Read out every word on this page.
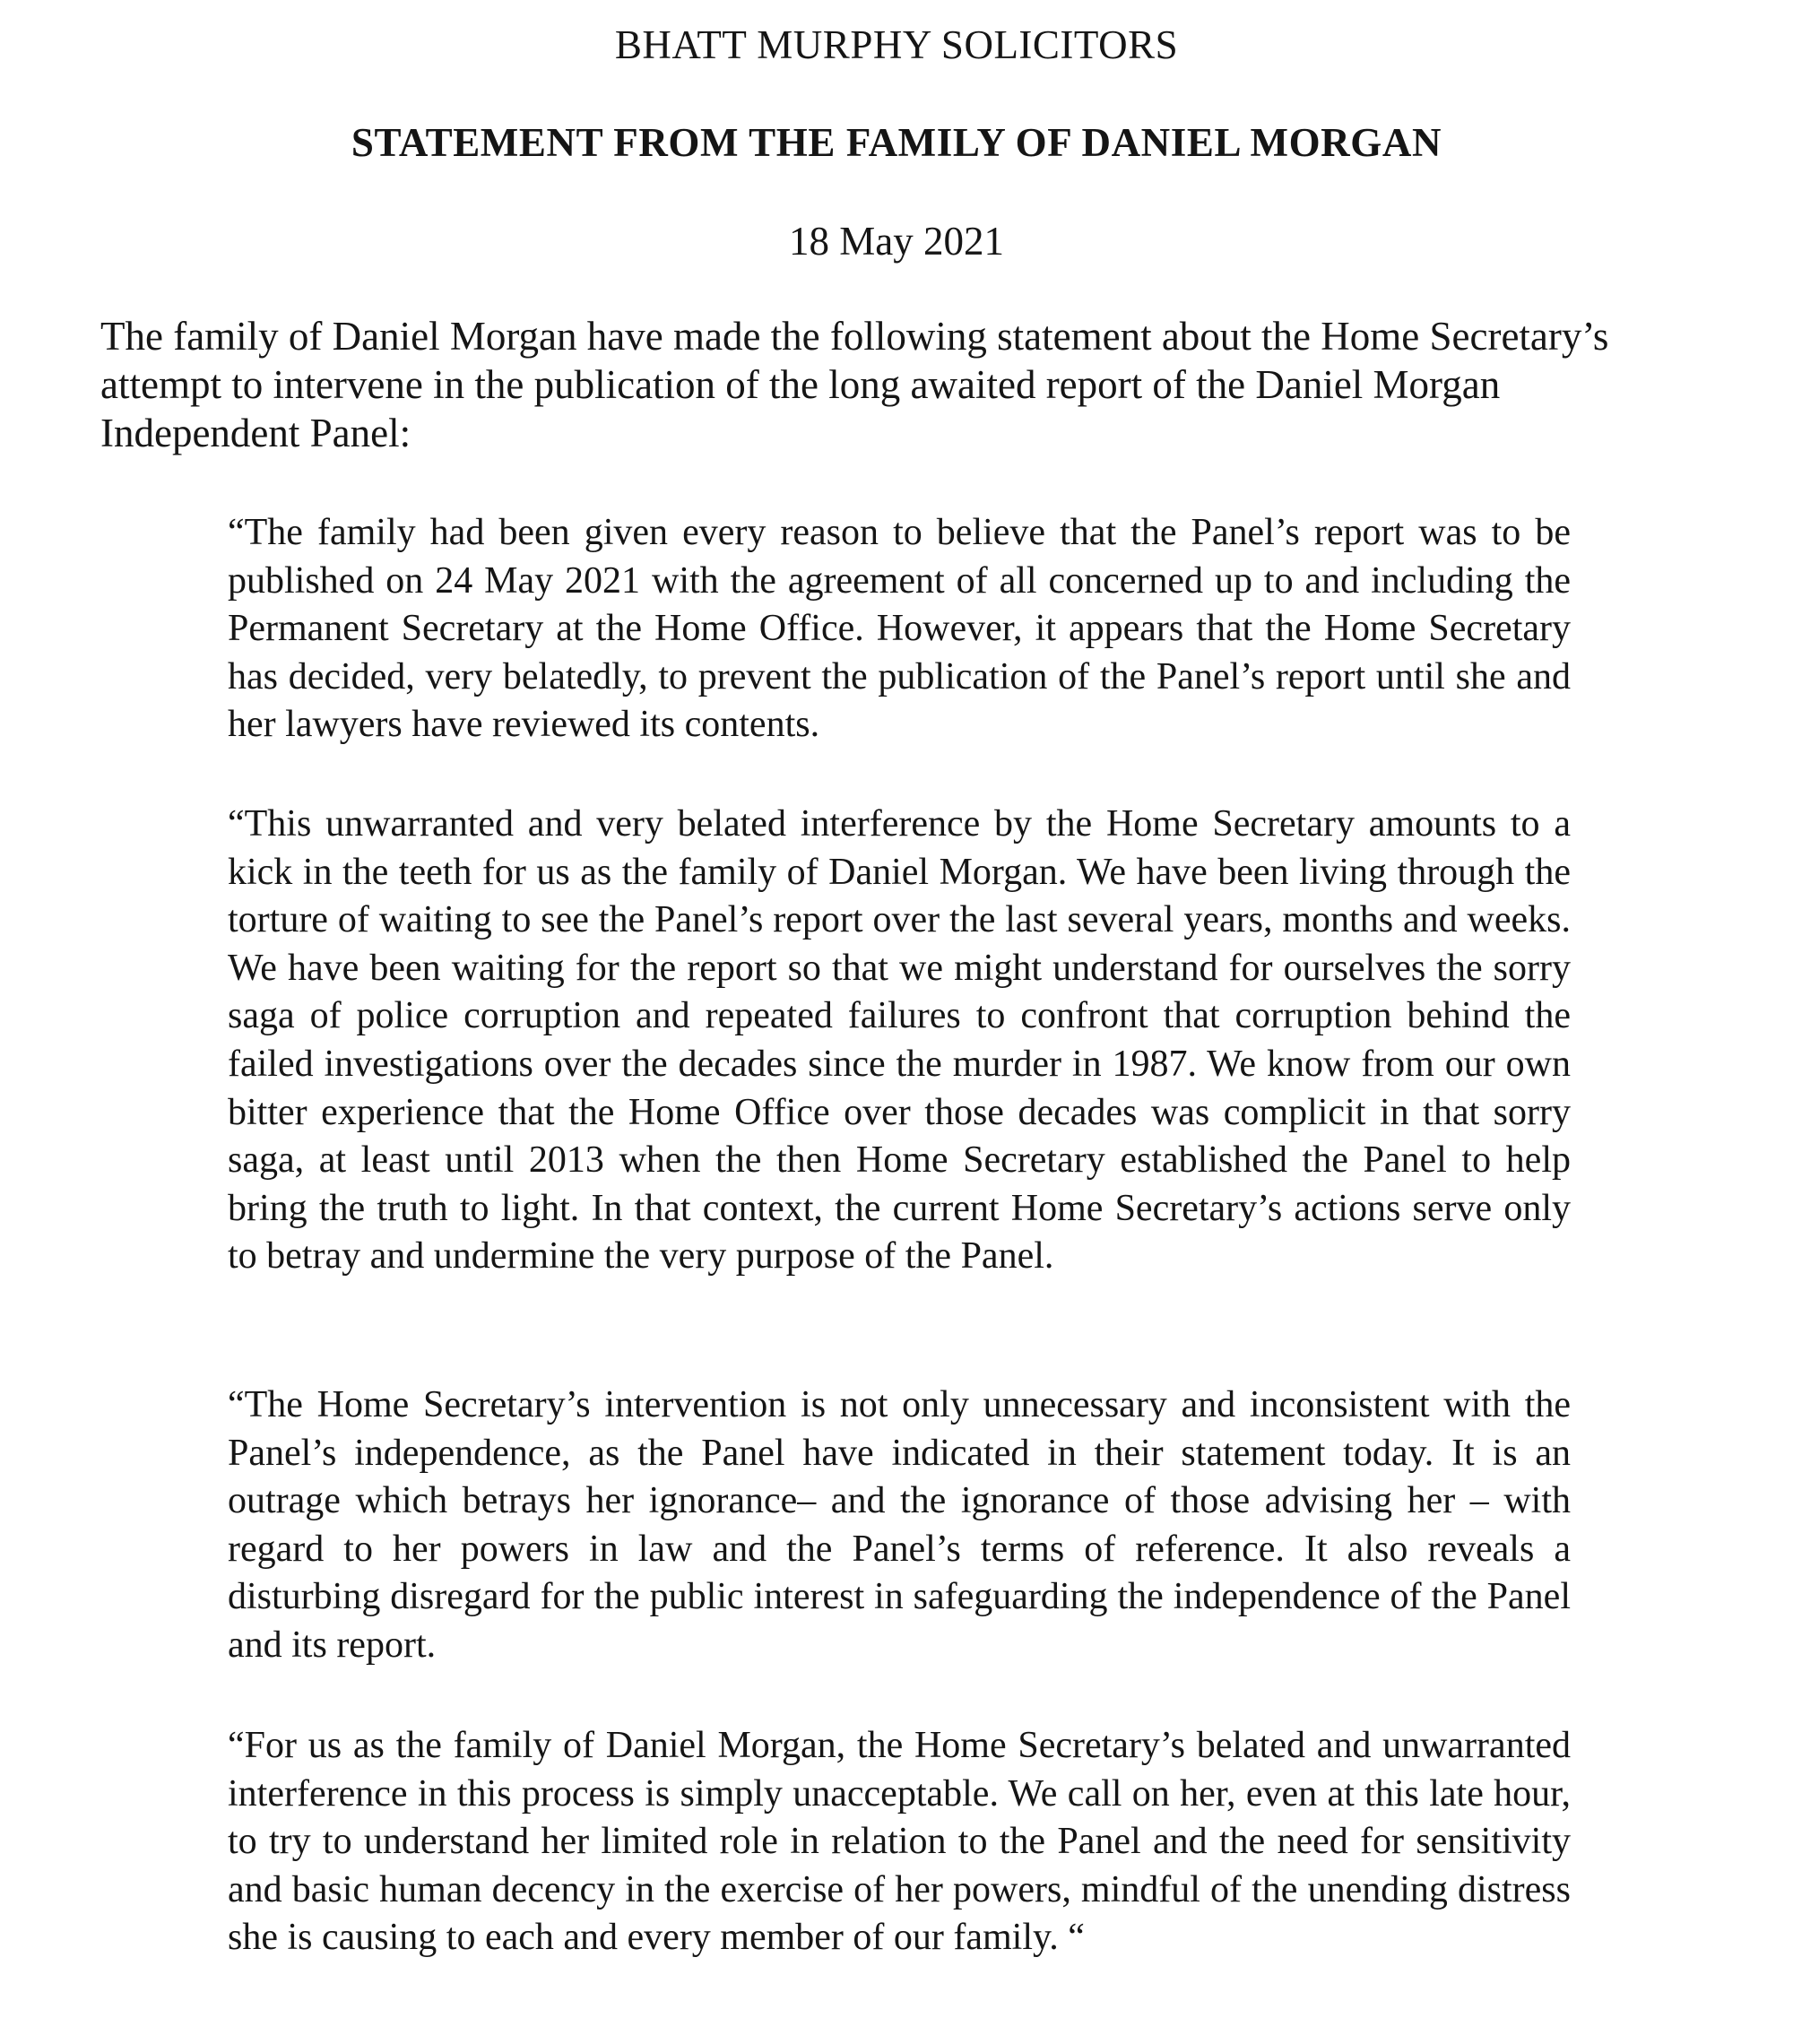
BHATT MURPHY SOLICITORS
STATEMENT FROM THE FAMILY OF DANIEL MORGAN
18 May 2021
The family of Daniel Morgan have made the following statement about the Home Secretary’s attempt to intervene in the publication of the long awaited report of the Daniel Morgan Independent Panel:
“The family had been given every reason to believe that the Panel’s report was to be published on 24 May 2021 with the agreement of all concerned up to and including the Permanent Secretary at the Home Office. However, it appears that the Home Secretary has decided, very belatedly, to prevent the publication of the Panel’s report until she and her lawyers have reviewed its contents.
“This unwarranted and very belated interference by the Home Secretary amounts to a kick in the teeth for us as the family of Daniel Morgan. We have been living through the torture of waiting to see the Panel’s report over the last several years, months and weeks. We have been waiting for the report so that we might understand for ourselves the sorry saga of police corruption and repeated failures to confront that corruption behind the failed investigations over the decades since the murder in 1987. We know from our own bitter experience that the Home Office over those decades was complicit in that sorry saga, at least until 2013 when the then Home Secretary established the Panel to help bring the truth to light. In that context, the current Home Secretary’s actions serve only to betray and undermine the very purpose of the Panel.
“The Home Secretary’s intervention is not only unnecessary and inconsistent with the Panel’s independence, as the Panel have indicated in their statement today. It is an outrage which betrays her ignorance– and the ignorance of those advising her – with regard to her powers in law and the Panel’s terms of reference. It also reveals a disturbing disregard for the public interest in safeguarding the independence of the Panel and its report.
“For us as the family of Daniel Morgan, the Home Secretary’s belated and unwarranted interference in this process is simply unacceptable. We call on her, even at this late hour, to try to understand her limited role in relation to the Panel and the need for sensitivity and basic human decency in the exercise of her powers, mindful of the unending distress she is causing to each and every member of our family. “
